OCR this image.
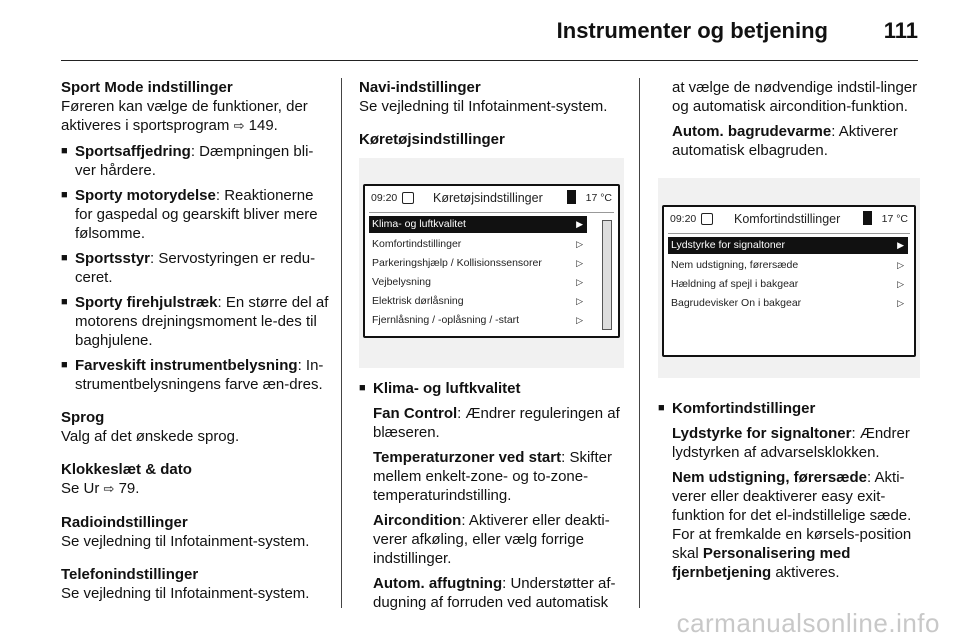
Instrumenter og betjening	111

Sport Mode indstillinger

Føreren kan vælge de funktioner, der aktiveres i sportsprogram ⇨ 149.

■ Sportsaffjedring: Dæmpningen bli-ver hårdere.

■ Sporty motorydelse: Reaktionerne for gaspedal og gearskift bliver mere følsomme.

■ Sportsstyr: Servostyringen er redu-ceret.

■ Sporty firehjulstræk: En større del af motorens drejningsmoment le-des til baghjulene.

■ Farveskift instrumentbelysning: In-strumentbelysningens farve æn-dres.

Sprog

Valg af det ønskede sprog.

Klokkeslæt & dato

Se Ur ⇨ 79.

Radioindstillinger

Se vejledning til Infotainment-system.

Telefonindstillinger

Se vejledning til Infotainment-system.

Navi-indstillinger

Se vejledning til Infotainment-system.

Køretøjsindstillinger

09:20	Køretøjsindstillinger	17 °C
Klima- og luftkvalitet	▶
Komfortindstillinger	▷
Parkeringshjælp / Kollisionssensorer	▷
Vejbelysning	▷
Elektrisk dørlåsning	▷
Fjernlåsning / -oplåsning / -start	▷

■ Klima- og luftkvalitet

Fan Control: Ændrer reguleringen af blæseren.

Temperaturzoner ved start: Skifter mellem enkelt-zone- og to-zone-temperaturindstilling.

Aircondition: Aktiverer eller deakti-verer afkøling, eller vælg forrige indstillinger.

Autom. affugtning: Understøtter af-dugning af forruden ved automatisk

at vælge de nødvendige indstil-linger og automatisk aircondition-funktion.

Autom. bagrudevarme: Aktiverer automatisk elbagruden.

09:20	Komfortindstillinger	17 °C
Lydstyrke for signaltoner	▶
Nem udstigning, førersæde	▷
Hældning af spejl i bakgear	▷
Bagrudevisker On i bakgear	▷

■ Komfortindstillinger

Lydstyrke for signaltoner: Ændrer lydstyrken af advarselsklokken.

Nem udstigning, førersæde: Akti-verer eller deaktiverer easy exit-funktion for det el-indstillelige sæde. For at fremkalde en kørsels-position skal Personalisering med fjernbetjening aktiveres.

carmanualsonline.info
